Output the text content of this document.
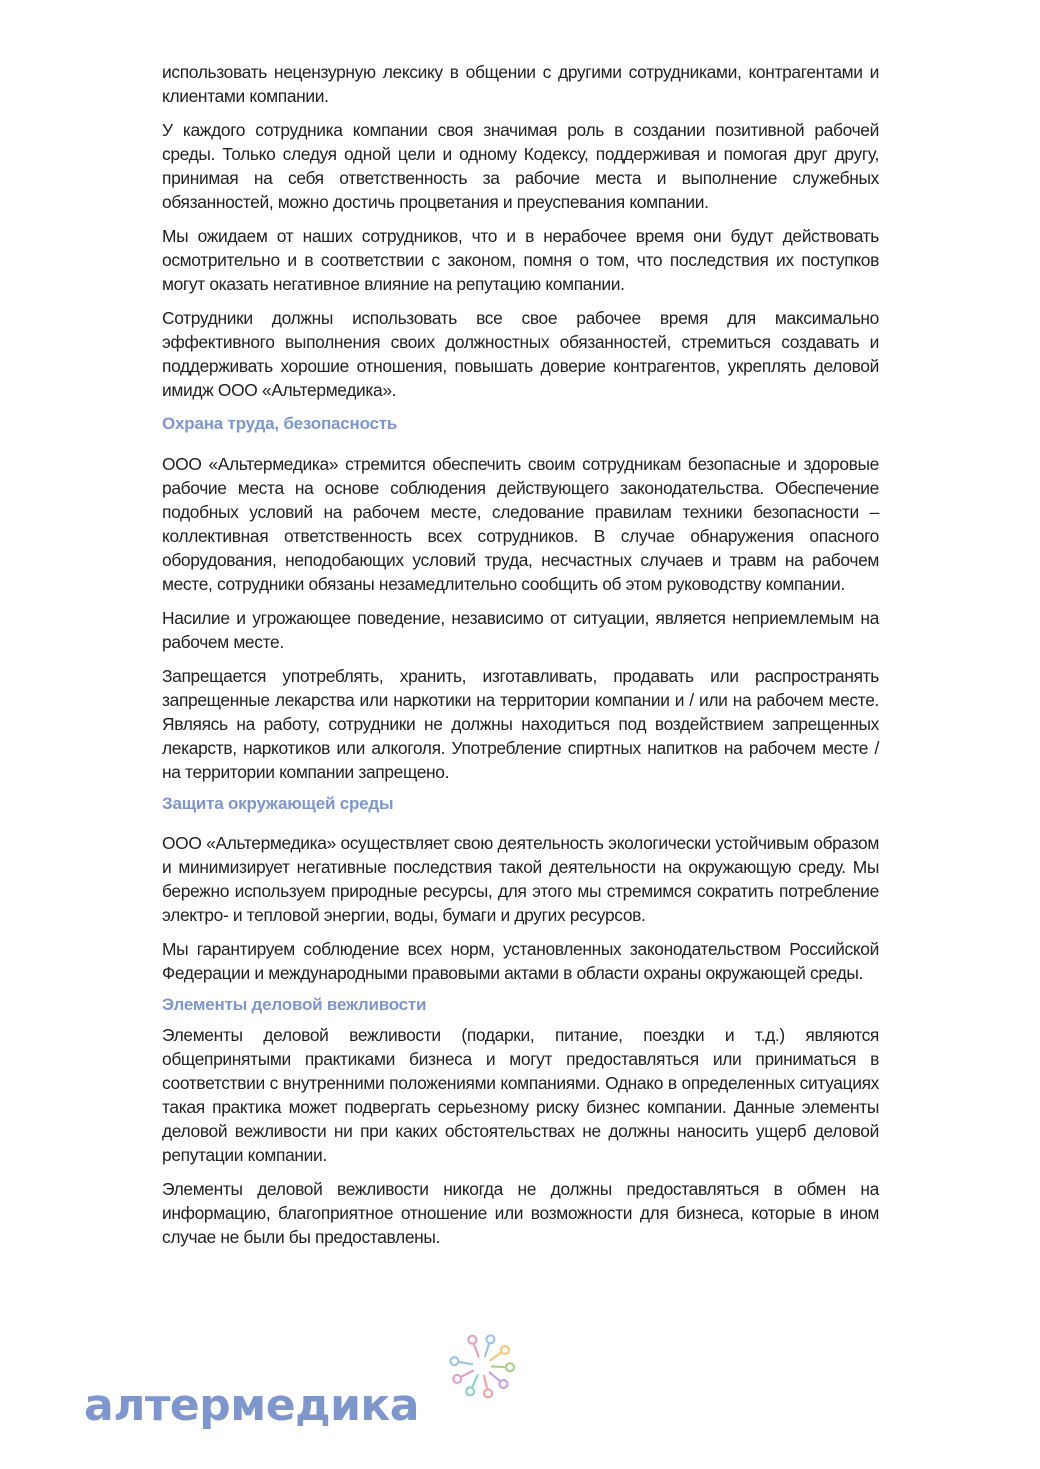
использовать нецензурную лексику в общении с другими сотрудниками, контрагентами и клиентами компании.

У каждого сотрудника компании своя значимая роль в создании позитивной рабочей среды. Только следуя одной цели и одному Кодексу, поддерживая и помогая друг другу, принимая на себя ответственность за рабочие места и выполнение служебных обязанностей, можно достичь процветания и преуспевания компании.

Мы ожидаем от наших сотрудников, что и в нерабочее время они будут действовать осмотрительно и в соответствии с законом, помня о том, что последствия их поступков могут оказать негативное влияние на репутацию компании.

Сотрудники должны использовать все свое рабочее время для максимально эффективного выполнения своих должностных обязанностей, стремиться создавать и поддерживать хорошие отношения, повышать доверие контрагентов, укреплять деловой имидж ООО «Альтермедика».

Охрана труда, безопасность

ООО «Альтермедика» стремится обеспечить своим сотрудникам безопасные и здоровые рабочие места на основе соблюдения действующего законодательства. Обеспечение подобных условий на рабочем месте, следование правилам техники безопасности – коллективная ответственность всех сотрудников. В случае обнаружения опасного оборудования, неподобающих условий труда, несчастных случаев и травм на рабочем месте, сотрудники обязаны незамедлительно сообщить об этом руководству компании.

Насилие и угрожающее поведение, независимо от ситуации, является неприемлемым на рабочем месте.

Запрещается употреблять, хранить, изготавливать, продавать или распространять запрещенные лекарства или наркотики на территории компании и / или на рабочем месте. Являясь на работу, сотрудники не должны находиться под воздействием запрещенных лекарств, наркотиков или алкоголя. Употребление спиртных напитков на рабочем месте / на территории компании запрещено.

Защита окружающей среды

ООО «Альтермедика» осуществляет свою деятельность экологически устойчивым образом и минимизирует негативные последствия такой деятельности на окружающую среду. Мы бережно используем природные ресурсы, для этого мы стремимся сократить потребление электро- и тепловой энергии, воды, бумаги и других ресурсов.

Мы гарантируем соблюдение всех норм, установленных законодательством Российской Федерации и международными правовыми актами в области охраны окружающей среды.

Элементы деловой вежливости

Элементы деловой вежливости (подарки, питание, поездки и т.д.) являются общепринятыми практиками бизнеса и могут предоставляться или приниматься в соответствии с внутренними положениями компаниями. Однако в определенных ситуациях такая практика может подвергать серьезному риску бизнес компании. Данные элементы деловой вежливости ни при каких обстоятельствах не должны наносить ущерб деловой репутации компании.

Элементы деловой вежливости никогда не должны предоставляться в обмен на информацию, благоприятное отношение или возможности для бизнеса, которые в ином случае не были бы предоставлены.

алтермедика
